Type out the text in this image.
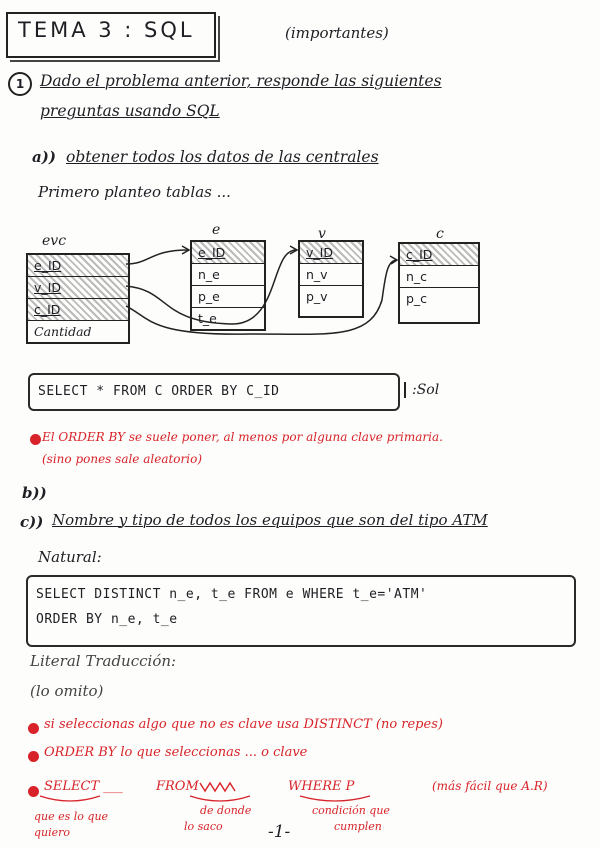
TEMA 3 : SQL	(importantes)
1	Dado el problema anterior, responde las siguientes
preguntas usando SQL
a)) obtener todos los datos de las centrales
Primero planteo tablas ...
evc
e_ID
v_ID
c_ID
Cantidad
e
e_ID
n_e
p_e
t_e
v
v_ID
n_v
p_v
c
c_ID
n_c
p_c
SELECT * FROM C ORDER BY C_ID	:Sol
El ORDER BY se suele poner, al menos por alguna clave primaria.
(sino pones sale aleatorio)
b))
c)) Nombre y tipo de todos los equipos que son del tipo ATM
Natural:
SELECT DISTINCT n_e, t_e FROM e WHERE t_e='ATM'
ORDER BY n_e, t_e
Literal Traducción:
(lo omito)
si seleccionas algo que no es clave usa DISTINCT (no repes)
ORDER BY lo que seleccionas ... o clave
SELECT ___	FROM	WHERE P	(más fácil que A.R)
que es lo que
quiero
de donde
lo saco
condición que
cumplen
-1-
